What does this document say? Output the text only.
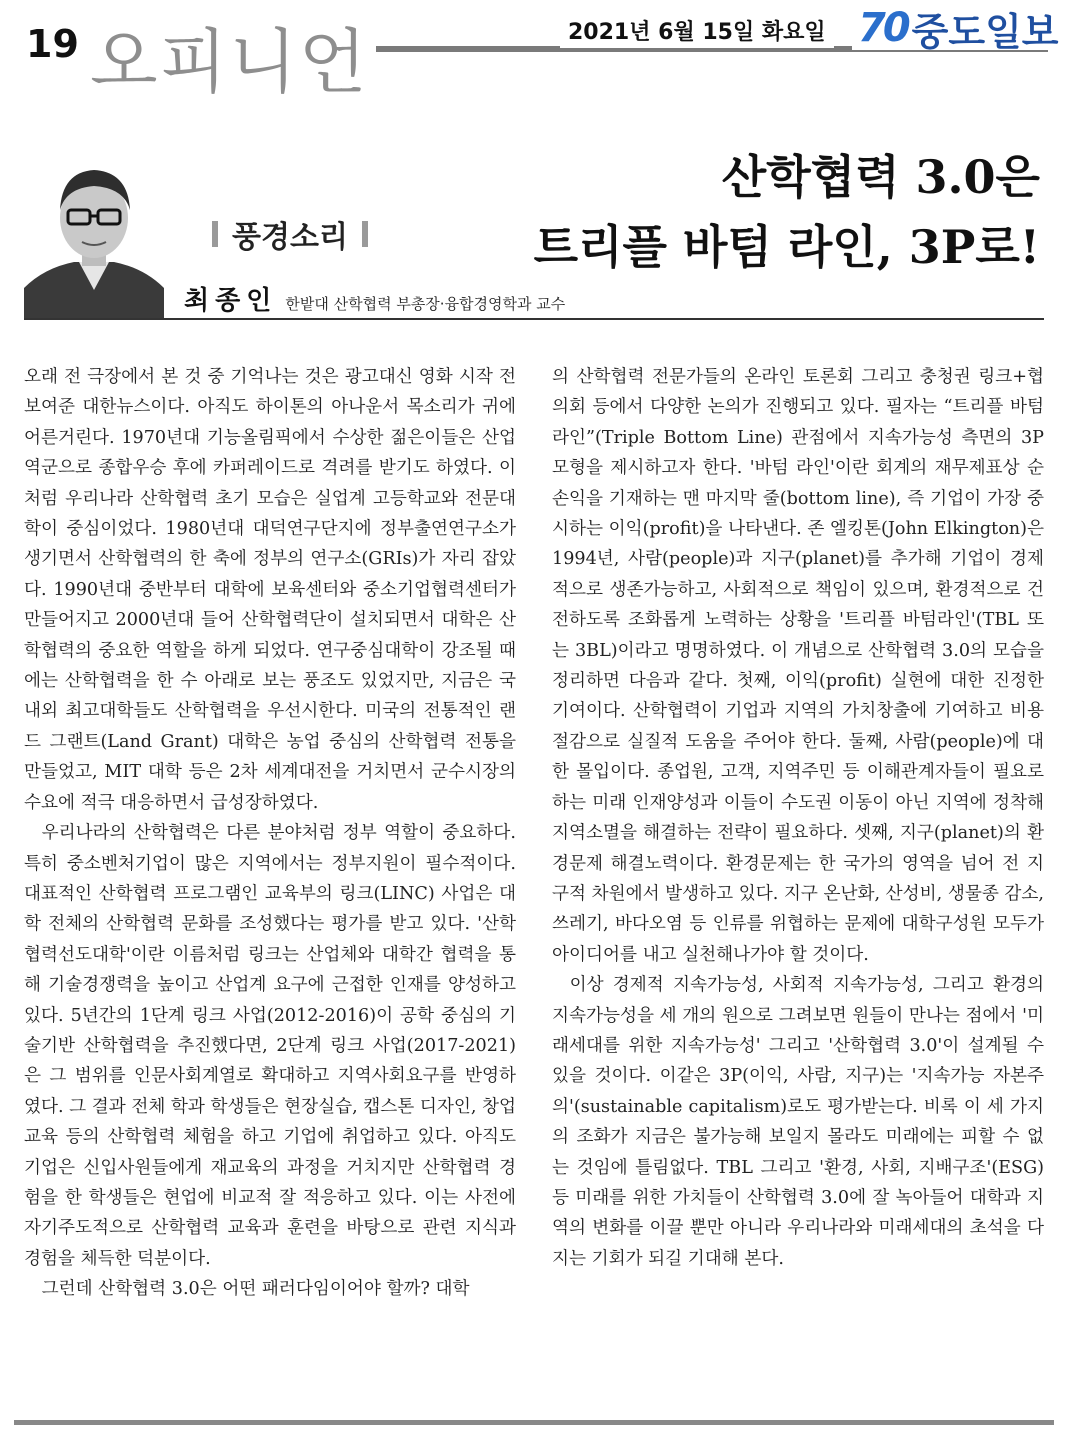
19 오피니언	2021년 6월 15일 화요일 70 중도일보
풍경소리
최종인 한밭대 산학협력 부총장·융합경영학과 교수
산학협력 3.0은
트리플 바텀 라인, 3P로!

오래 전 극장에서 본 것 중 기억나는 것은 광고대신 영화 시작 전 보여준 대한뉴스이다. 아직도 하이톤의 아나운서 목소리가 귀에 어른거린다. 1970년대 기능올림픽에서 수상한 젊은이들은 산업역군으로 종합우승 후에 카퍼레이드로 격려를 받기도 하였다. 이처럼 우리나라 산학협력 초기 모습은 실업계 고등학교와 전문대학이 중심이었다. 1980년대 대덕연구단지에 정부출연연구소가 생기면서 산학협력의 한 축에 정부의 연구소(GRIs)가 자리 잡았다. 1990년대 중반부터 대학에 보육센터와 중소기업협력센터가 만들어지고 2000년대 들어 산학협력단이 설치되면서 대학은 산학협력의 중요한 역할을 하게 되었다. 연구중심대학이 강조될 때에는 산학협력을 한 수 아래로 보는 풍조도 있었지만, 지금은 국내외 최고대학들도 산학협력을 우선시한다. 미국의 전통적인 랜드 그랜트(Land Grant) 대학은 농업 중심의 산학협력 전통을 만들었고, MIT 대학 등은 2차 세계대전을 거치면서 군수시장의 수요에 적극 대응하면서 급성장하였다.

우리나라의 산학협력은 다른 분야처럼 정부 역할이 중요하다. 특히 중소벤처기업이 많은 지역에서는 정부지원이 필수적이다. 대표적인 산학협력 프로그램인 교육부의 링크(LINC) 사업은 대학 전체의 산학협력 문화를 조성했다는 평가를 받고 있다. '산학협력선도대학'이란 이름처럼 링크는 산업체와 대학간 협력을 통해 기술경쟁력을 높이고 산업계 요구에 근접한 인재를 양성하고 있다. 5년간의 1단계 링크 사업(2012-2016)이 공학 중심의 기술기반 산학협력을 추진했다면, 2단계 링크 사업(2017-2021)은 그 범위를 인문사회계열로 확대하고 지역사회요구를 반영하였다. 그 결과 전체 학과 학생들은 현장실습, 캡스톤 디자인, 창업교육 등의 산학협력 체험을 하고 기업에 취업하고 있다. 아직도 기업은 신입사원들에게 재교육의 과정을 거치지만 산학협력 경험을 한 학생들은 현업에 비교적 잘 적응하고 있다. 이는 사전에 자기주도적으로 산학협력 교육과 훈련을 바탕으로 관련 지식과 경험을 체득한 덕분이다.

그런데 산학협력 3.0은 어떤 패러다임이어야 할까? 대학

의 산학협력 전문가들의 온라인 토론회 그리고 충청권 링크+협의회 등에서 다양한 논의가 진행되고 있다. 필자는 “트리플 바텀 라인”(Triple Bottom Line) 관점에서 지속가능성 측면의 3P 모형을 제시하고자 한다. '바텀 라인'이란 회계의 재무제표상 순손익을 기재하는 맨 마지막 줄(bottom line), 즉 기업이 가장 중시하는 이익(profit)을 나타낸다. 존 엘킹톤(John Elkington)은 1994년, 사람(people)과 지구(planet)를 추가해 기업이 경제적으로 생존가능하고, 사회적으로 책임이 있으며, 환경적으로 건전하도록 조화롭게 노력하는 상황을 '트리플 바텀라인'(TBL 또는 3BL)이라고 명명하였다. 이 개념으로 산학협력 3.0의 모습을 정리하면 다음과 같다. 첫째, 이익(profit) 실현에 대한 진정한 기여이다. 산학협력이 기업과 지역의 가치창출에 기여하고 비용절감으로 실질적 도움을 주어야 한다. 둘째, 사람(people)에 대한 몰입이다. 종업원, 고객, 지역주민 등 이해관계자들이 필요로 하는 미래 인재양성과 이들이 수도권 이동이 아닌 지역에 정착해 지역소멸을 해결하는 전략이 필요하다. 셋째, 지구(planet)의 환경문제 해결노력이다. 환경문제는 한 국가의 영역을 넘어 전 지구적 차원에서 발생하고 있다. 지구 온난화, 산성비, 생물종 감소, 쓰레기, 바다오염 등 인류를 위협하는 문제에 대학구성원 모두가 아이디어를 내고 실천해나가야 할 것이다.

이상 경제적 지속가능성, 사회적 지속가능성, 그리고 환경의 지속가능성을 세 개의 원으로 그려보면 원들이 만나는 점에서 '미래세대를 위한 지속가능성' 그리고 '산학협력 3.0'이 설계될 수 있을 것이다. 이같은 3P(이익, 사람, 지구)는 '지속가능 자본주의'(sustainable capitalism)로도 평가받는다. 비록 이 세 가지의 조화가 지금은 불가능해 보일지 몰라도 미래에는 피할 수 없는 것임에 틀림없다. TBL 그리고 '환경, 사회, 지배구조'(ESG) 등 미래를 위한 가치들이 산학협력 3.0에 잘 녹아들어 대학과 지역의 변화를 이끌 뿐만 아니라 우리나라와 미래세대의 초석을 다지는 기회가 되길 기대해 본다.
